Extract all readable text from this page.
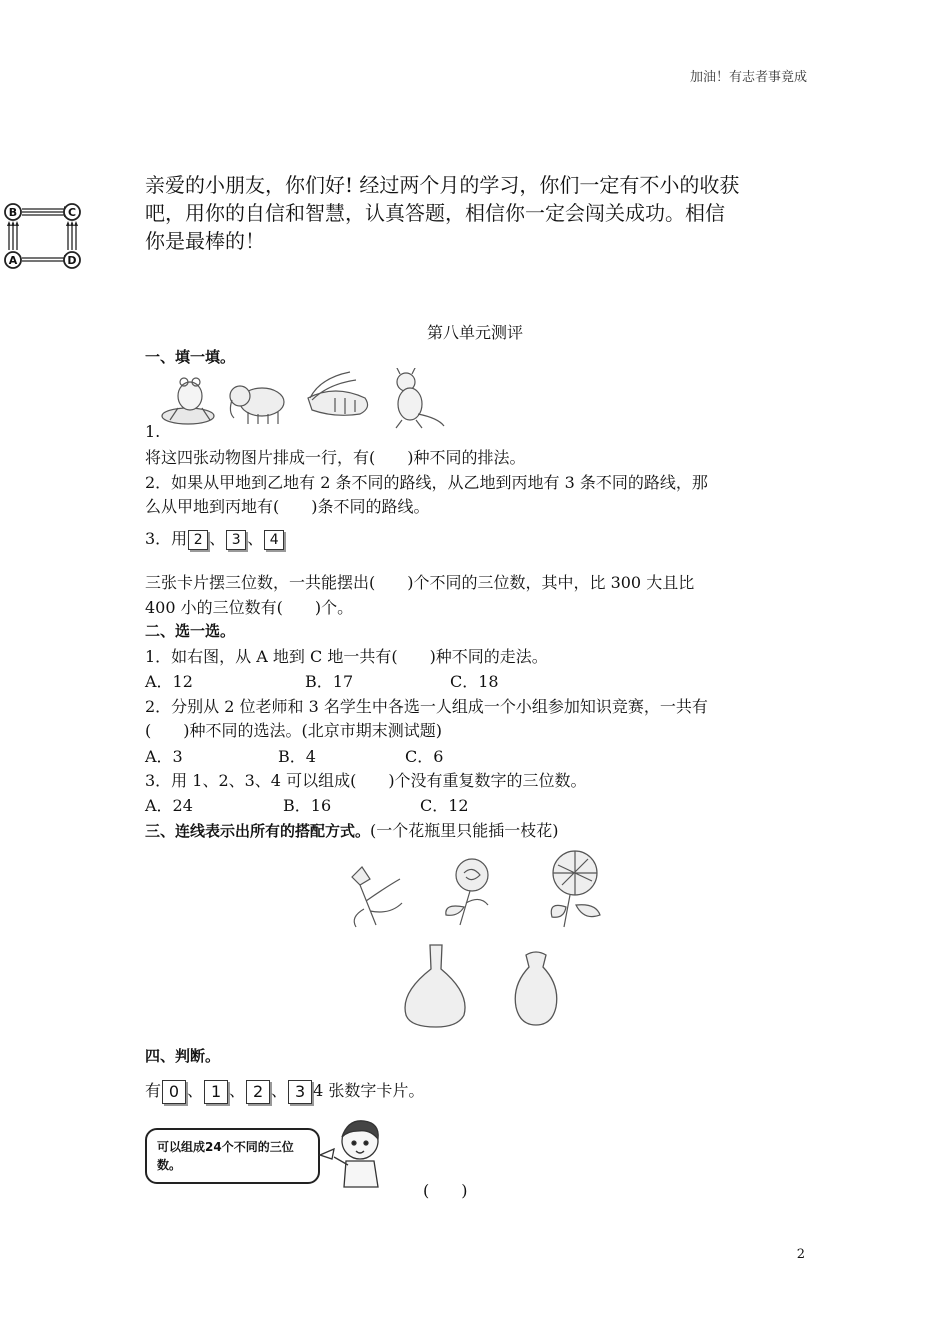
加油！有志者事竟成
B	C
A	D
亲爱的小朋友，你们好! 经过两个月的学习，你们一定有不小的收获
吧，用你的自信和智慧，认真答题，相信你一定会闯关成功。相信
你是最棒的！
第八单元测评
一、填一填。
1.
将这四张动物图片排成一行，有(　　)种不同的排法。
2．如果从甲地到乙地有 2 条不同的路线，从乙地到丙地有 3 条不同的路线，那
么从甲地到丙地有(　　)条不同的路线。
3．用 2 、 3 、 4
三张卡片摆三位数，一共能摆出(　　)个不同的三位数，其中，比 300 大且比
400 小的三位数有(　　)个。
二、选一选。
1．如右图，从 A 地到 C 地一共有(　　)种不同的走法。
A．12	B．17	C．18
2．分别从 2 位老师和 3 名学生中各选一人组成一个小组参加知识竞赛，一共有
(　　)种不同的选法。(北京市期末测试题)
A．3	B．4	C．6
3．用 1、2、3、4 可以组成(　　)个没有重复数字的三位数。
A．24	B．16	C．12
三、连线表示出所有的搭配方式。(一个花瓶里只能插一枝花)
四、判断。
有 0 、 1 、 2 、 3 4 张数字卡片。
可以组成24个不同的三位数。
(　　)
2
